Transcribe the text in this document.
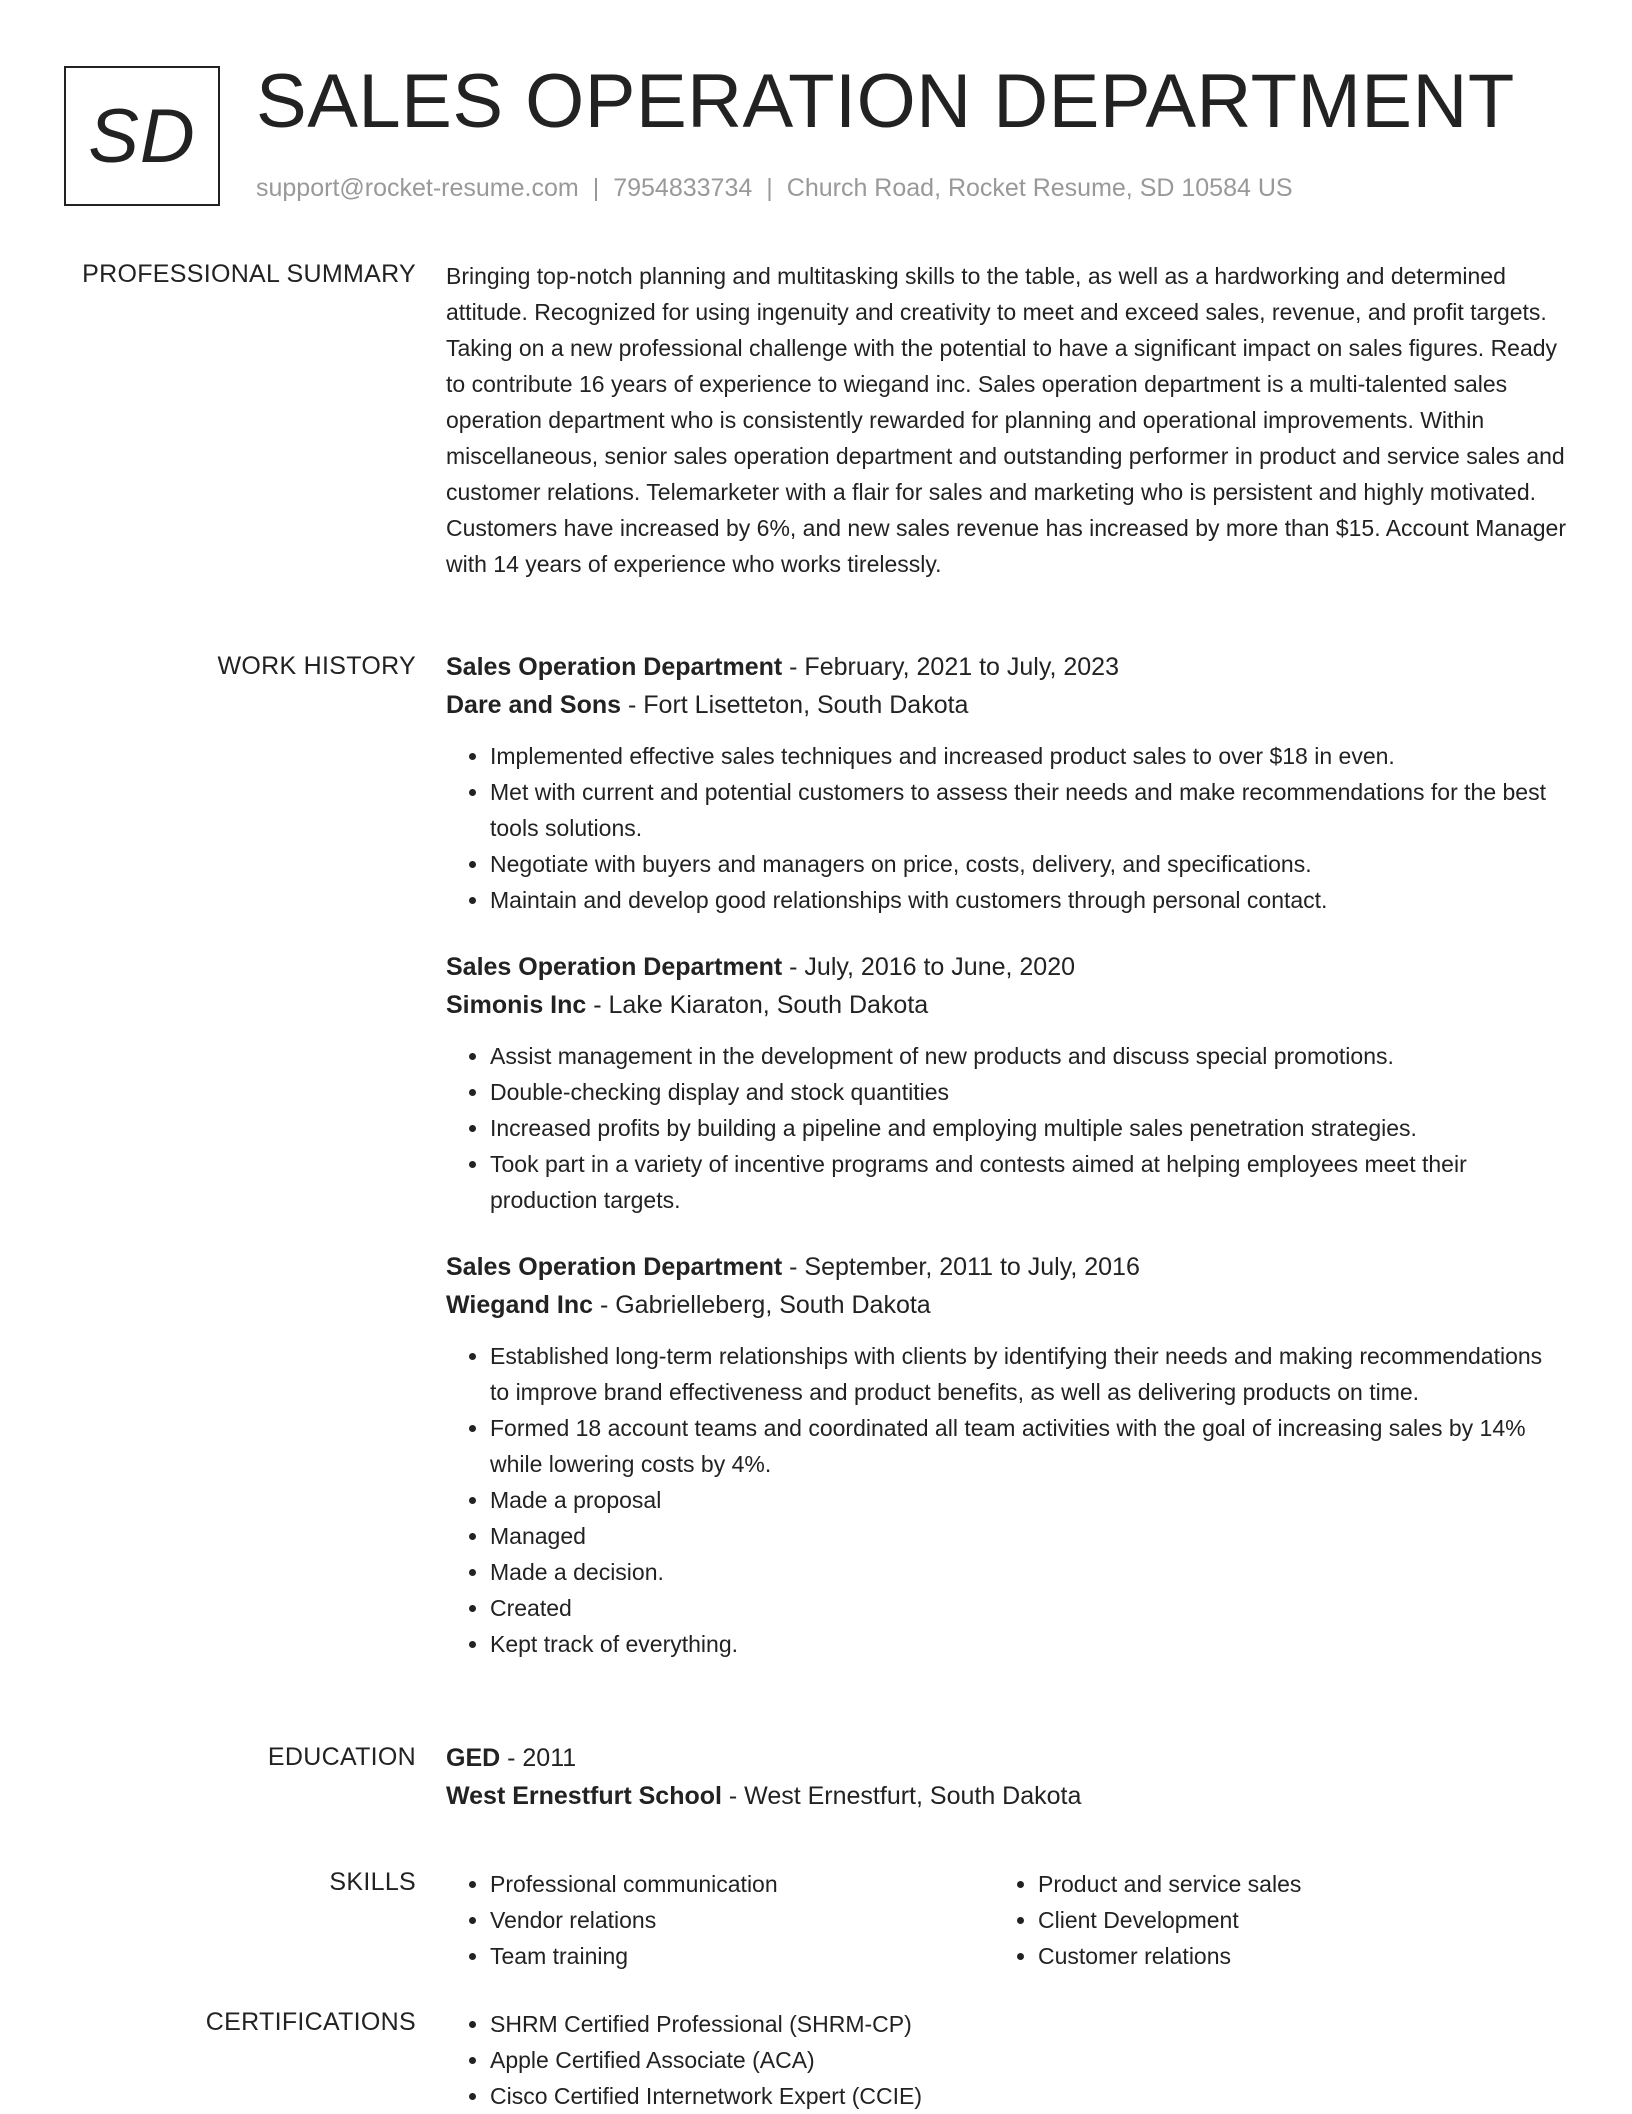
SD SALES OPERATION DEPARTMENT
support@rocket-resume.com | 7954833734 | Church Road, Rocket Resume, SD 10584 US
PROFESSIONAL SUMMARY Bringing top-notch planning and multitasking skills to the table, as well as a hardworking and determined attitude. Recognized for using ingenuity and creativity to meet and exceed sales, revenue, and profit targets. Taking on a new professional challenge with the potential to have a significant impact on sales figures. Ready to contribute 16 years of experience to wiegand inc. Sales operation department is a multi-talented sales operation department who is consistently rewarded for planning and operational improvements. Within miscellaneous, senior sales operation department and outstanding performer in product and service sales and customer relations. Telemarketer with a flair for sales and marketing who is persistent and highly motivated. Customers have increased by 6%, and new sales revenue has increased by more than $15. Account Manager with 14 years of experience who works tirelessly.

WORK HISTORY Sales Operation Department - February, 2021 to July, 2023
Dare and Sons - Fort Lisetteton, South Dakota
• Implemented effective sales techniques and increased product sales to over $18 in even.
• Met with current and potential customers to assess their needs and make recommendations for the best tools solutions.
• Negotiate with buyers and managers on price, costs, delivery, and specifications.
• Maintain and develop good relationships with customers through personal contact.
Sales Operation Department - July, 2016 to June, 2020
Simonis Inc - Lake Kiaraton, South Dakota
• Assist management in the development of new products and discuss special promotions.
• Double-checking display and stock quantities
• Increased profits by building a pipeline and employing multiple sales penetration strategies.
• Took part in a variety of incentive programs and contests aimed at helping employees meet their production targets.
Sales Operation Department - September, 2011 to July, 2016
Wiegand Inc - Gabrielleberg, South Dakota
• Established long-term relationships with clients by identifying their needs and making recommendations to improve brand effectiveness and product benefits, as well as delivering products on time.
• Formed 18 account teams and coordinated all team activities with the goal of increasing sales by 14% while lowering costs by 4%.
• Made a proposal
• Managed
• Made a decision.
• Created
• Kept track of everything.
EDUCATION GED - 2011
West Ernestfurt School - West Ernestfurt, South Dakota
SKILLS	• Professional communication
• Vendor relations
• Team training
• Product and service sales
• Client Development
• Customer relations
CERTIFICATIONS	• SHRM Certified Professional (SHRM-CP)
• Apple Certified Associate (ACA)
• Cisco Certified Internetwork Expert (CCIE)
